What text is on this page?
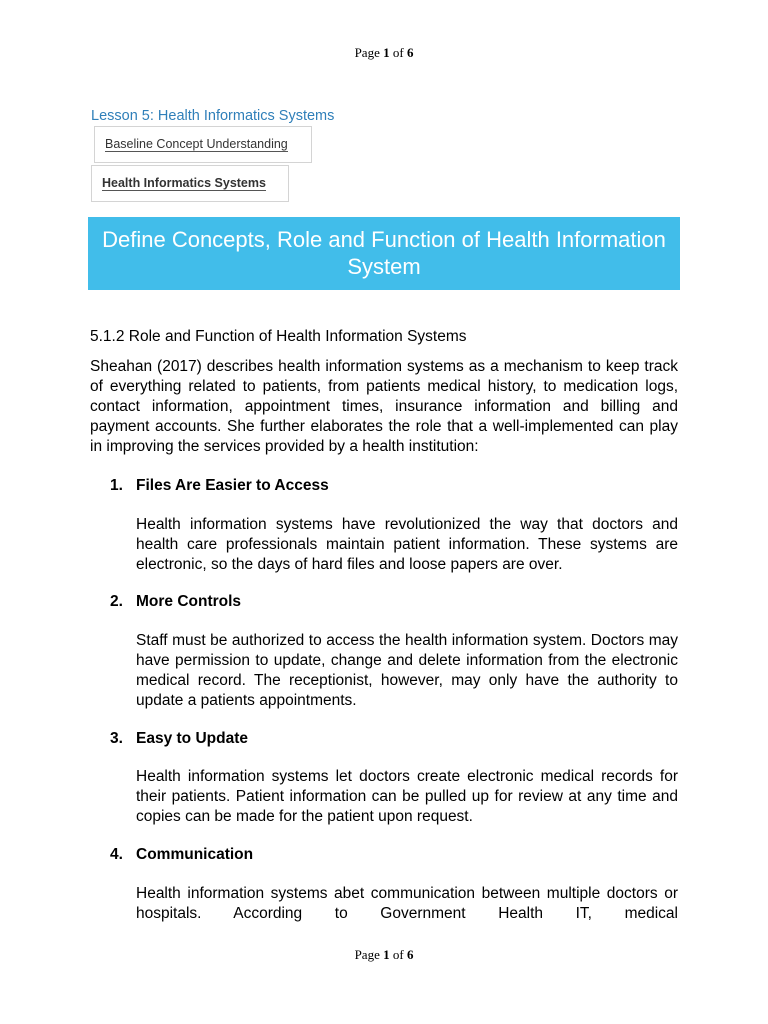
Page 1 of 6
Lesson 5: Health Informatics Systems
Baseline Concept Understanding
Health Informatics Systems
Define Concepts, Role and Function of Health Information
System
5.1.2 Role and Function of Health Information Systems

Sheahan (2017) describes health information systems as a mechanism to keep track of everything related to patients, from patients medical history, to medication logs, contact information, appointment times, insurance information and billing and payment accounts. She further elaborates the role that a well-implemented can play in improving the services provided by a health institution:

1. Files Are Easier to Access

Health information systems have revolutionized the way that doctors and health care professionals maintain patient information. These systems are electronic, so the days of hard files and loose papers are over.

2. More Controls

Staff must be authorized to access the health information system. Doctors may have permission to update, change and delete information from the electronic medical record. The receptionist, however, may only have the authority to update a patients appointments.

3. Easy to Update

Health information systems let doctors create electronic medical records for their patients. Patient information can be pulled up for review at any time and copies can be made for the patient upon request.

4. Communication

Health information systems abet communication between multiple doctors or hospitals. According to Government Health IT, medical

Page 1 of 6
